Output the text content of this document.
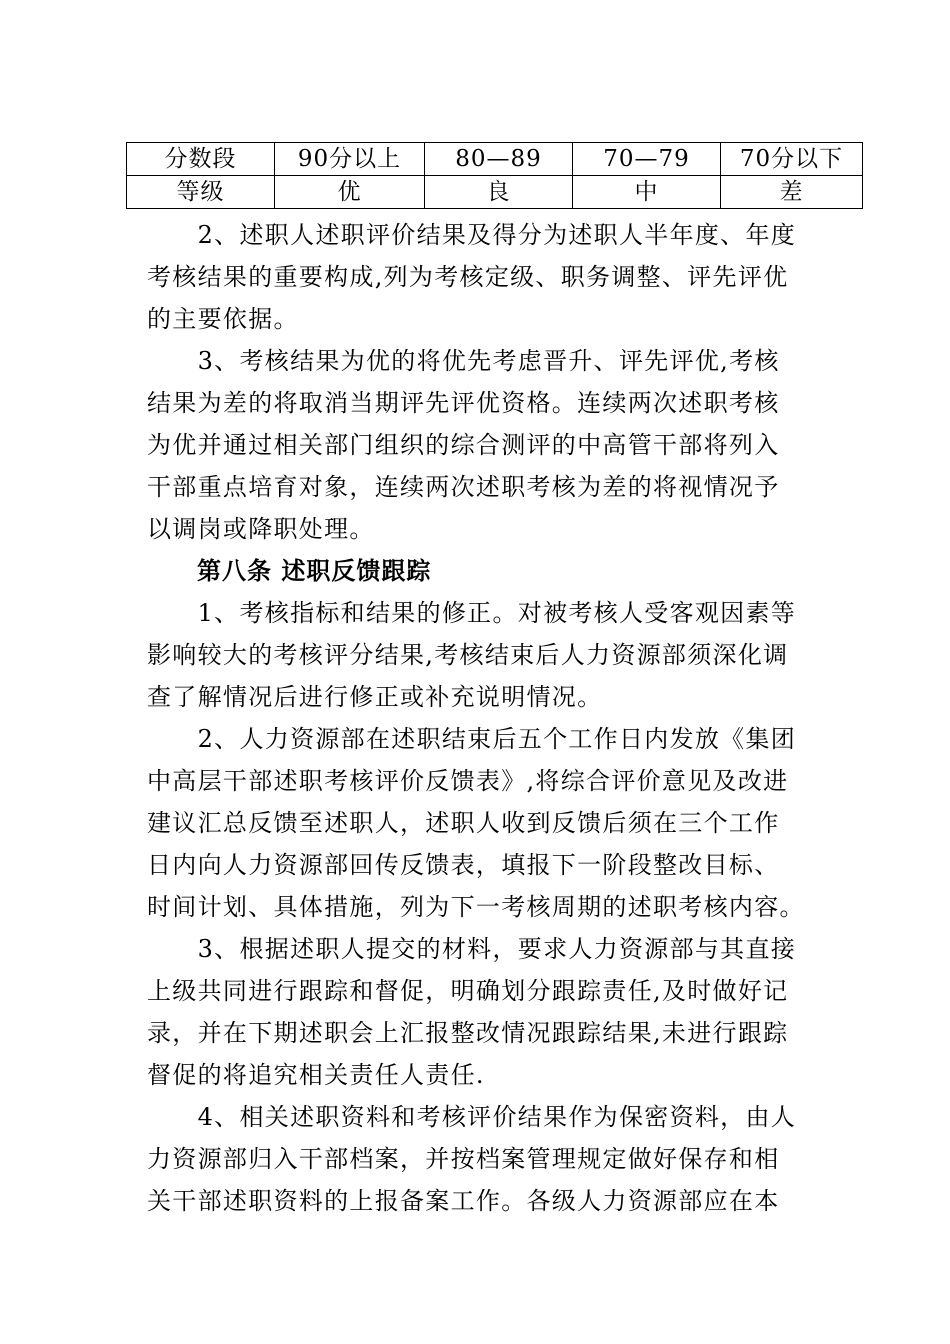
分数段	90分以上	80—89	70—79	70分以下
等级	优	良	中	差

　　2、述职人述职评价结果及得分为述职人半年度、年度

考核结果的重要构成,列为考核定级、职务调整、评先评优

的主要依据。

　　3、考核结果为优的将优先考虑晋升、评先评优,考核

结果为差的将取消当期评先评优资格。连续两次述职考核

为优并通过相关部门组织的综合测评的中高管干部将列入

干部重点培育对象，连续两次述职考核为差的将视情况予

以调岗或降职处理。

第八条 述职反馈跟踪

　　1、考核指标和结果的修正。对被考核人受客观因素等

影响较大的考核评分结果,考核结束后人力资源部须深化调

查了解情况后进行修正或补充说明情况。

　　2、人力资源部在述职结束后五个工作日内发放《集团

中高层干部述职考核评价反馈表》,将综合评价意见及改进

建议汇总反馈至述职人，述职人收到反馈后须在三个工作

日内向人力资源部回传反馈表，填报下一阶段整改目标、

时间计划、具体措施，列为下一考核周期的述职考核内容。

　　3、根据述职人提交的材料，要求人力资源部与其直接

上级共同进行跟踪和督促，明确划分跟踪责任,及时做好记

录，并在下期述职会上汇报整改情况跟踪结果,未进行跟踪

督促的将追究相关责任人责任.

　　4、相关述职资料和考核评价结果作为保密资料，由人

力资源部归入干部档案，并按档案管理规定做好保存和相

关干部述职资料的上报备案工作。各级人力资源部应在本
